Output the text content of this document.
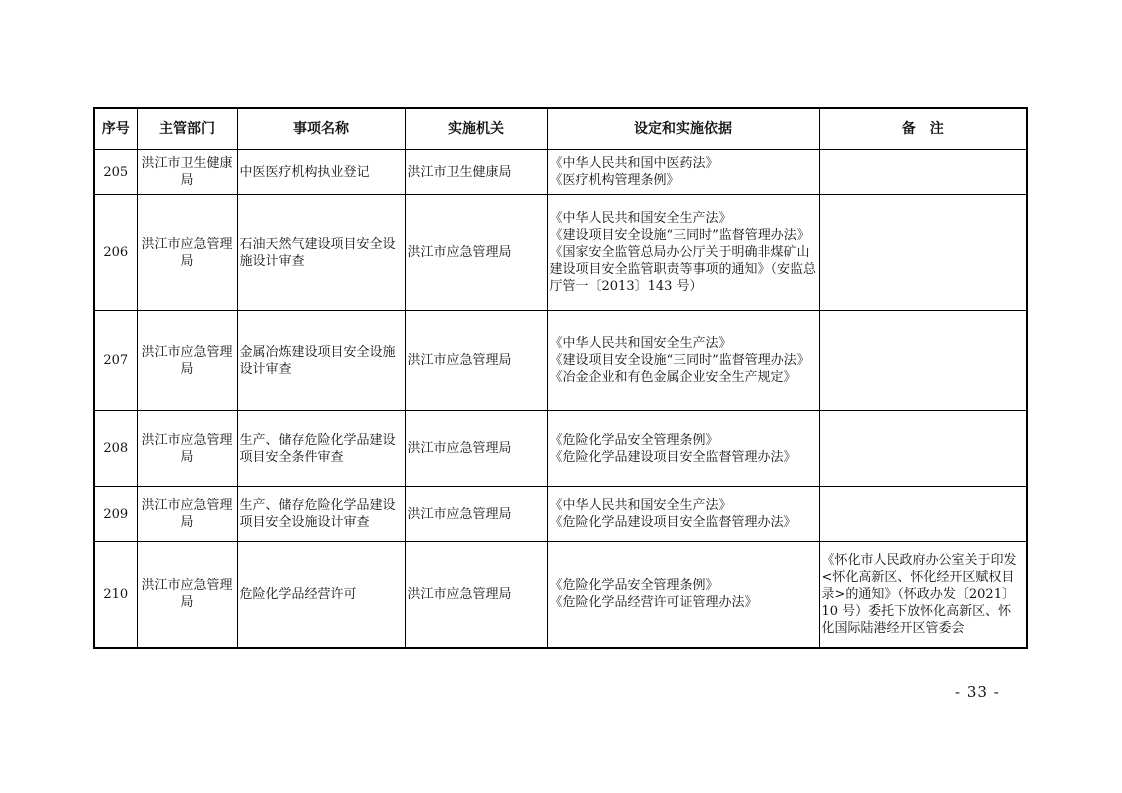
序号	主管部门	事项名称	实施机关	设定和实施依据	备　注
205	洪江市卫生健康局	中医医疗机构执业登记	洪江市卫生健康局	《中华人民共和国中医药法》
《医疗机构管理条例》	

206	洪江市应急管理局	石油天然气建设项目安全设施设计审查	洪江市应急管理局	《中华人民共和国安全生产法》
《建设项目安全设施“三同时”监督管理办法》
《国家安全监管总局办公厅关于明确非煤矿山建设项目安全监管职责等事项的通知》（安监总厅管一〔2013〕143 号）	

207	洪江市应急管理局	金属冶炼建设项目安全设施设计审查	洪江市应急管理局	《中华人民共和国安全生产法》
《建设项目安全设施“三同时”监督管理办法》
《冶金企业和有色金属企业安全生产规定》	

208	洪江市应急管理局	生产、储存危险化学品建设项目安全条件审查	洪江市应急管理局	《危险化学品安全管理条例》
《危险化学品建设项目安全监督管理办法》	

209	洪江市应急管理局	生产、储存危险化学品建设项目安全设施设计审查	洪江市应急管理局	《中华人民共和国安全生产法》
《危险化学品建设项目安全监督管理办法》	

210	洪江市应急管理局	危险化学品经营许可	洪江市应急管理局	《危险化学品安全管理条例》
《危险化学品经营许可证管理办法》	《怀化市人民政府办公室关于印发<怀化高新区、怀化经开区赋权目录>的通知》（怀政办发〔2021〕10 号）委托下放怀化高新区、怀化国际陆港经开区管委会
- 33 -
